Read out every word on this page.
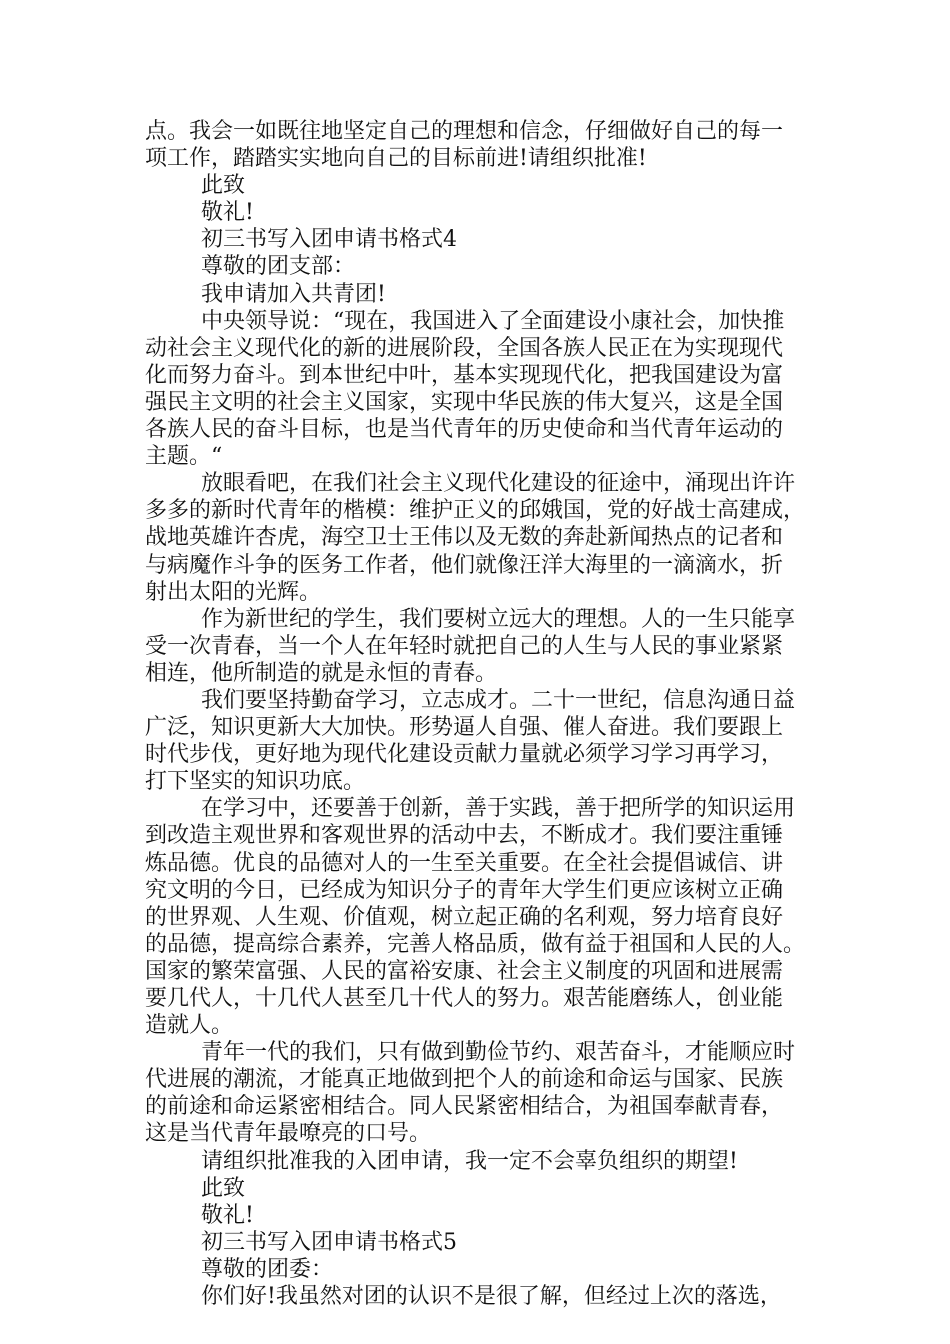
点。我会一如既往地坚定自己的理想和信念，仔细做好自己的每一
项工作，踏踏实实地向自己的目标前进!请组织批准!
此致
敬礼!
初三书写入团申请书格式4
尊敬的团支部：
我申请加入共青团!
中央领导说：“现在，我国进入了全面建设小康社会，加快推
动社会主义现代化的新的进展阶段，全国各族人民正在为实现现代
化而努力奋斗。到本世纪中叶，基本实现现代化，把我国建设为富
强民主文明的社会主义国家，实现中华民族的伟大复兴，这是全国
各族人民的奋斗目标，也是当代青年的历史使命和当代青年运动的
主题。“
放眼看吧，在我们社会主义现代化建设的征途中，涌现出许许
多多的新时代青年的楷模：维护正义的邱娥国，党的好战士高建成，
战地英雄许杏虎，海空卫士王伟以及无数的奔赴新闻热点的记者和
与病魔作斗争的医务工作者，他们就像汪洋大海里的一滴滴水，折
射出太阳的光辉。
作为新世纪的学生，我们要树立远大的理想。人的一生只能享
受一次青春，当一个人在年轻时就把自己的人生与人民的事业紧紧
相连，他所制造的就是永恒的青春。
我们要坚持勤奋学习，立志成才。二十一世纪，信息沟通日益
广泛，知识更新大大加快。形势逼人自强、催人奋进。我们要跟上
时代步伐，更好地为现代化建设贡献力量就必须学习学习再学习，
打下坚实的知识功底。
在学习中，还要善于创新，善于实践，善于把所学的知识运用
到改造主观世界和客观世界的活动中去，不断成才。我们要注重锤
炼品德。优良的品德对人的一生至关重要。在全社会提倡诚信、讲
究文明的今日，已经成为知识分子的青年大学生们更应该树立正确
的世界观、人生观、价值观，树立起正确的名利观，努力培育良好
的品德，提高综合素养，完善人格品质，做有益于祖国和人民的人。
国家的繁荣富强、人民的富裕安康、社会主义制度的巩固和进展需
要几代人，十几代人甚至几十代人的努力。艰苦能磨练人，创业能
造就人。
青年一代的我们，只有做到勤俭节约、艰苦奋斗，才能顺应时
代进展的潮流，才能真正地做到把个人的前途和命运与国家、民族
的前途和命运紧密相结合。同人民紧密相结合，为祖国奉献青春，
这是当代青年最嘹亮的口号。
请组织批准我的入团申请，我一定不会辜负组织的期望!
此致
敬礼!
初三书写入团申请书格式5
尊敬的团委：
你们好!我虽然对团的认识不是很了解，但经过上次的落选，
